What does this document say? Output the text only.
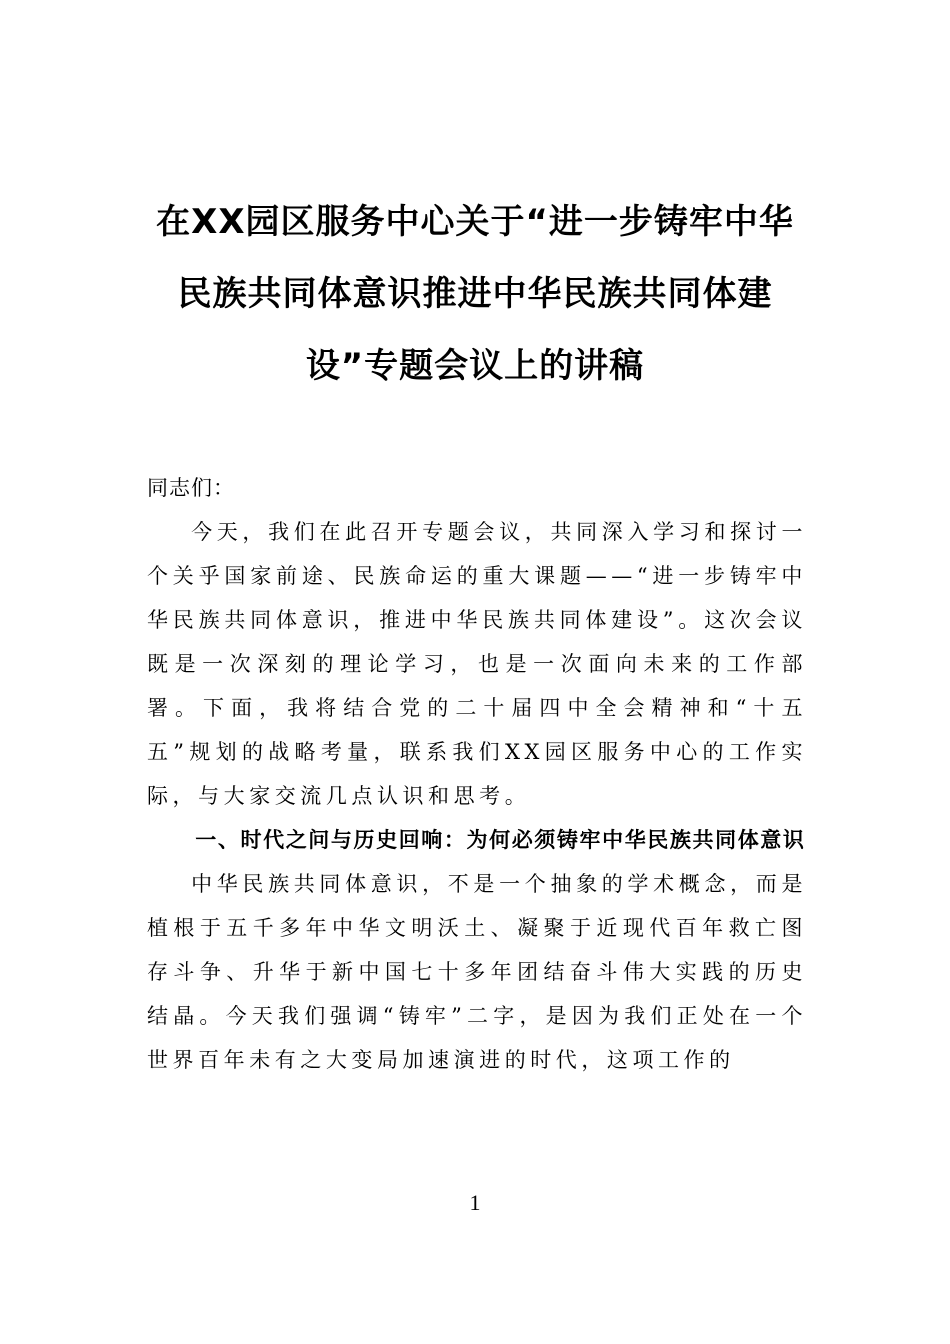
在XX园区服务中心关于“进一步铸牢中华
民族共同体意识推进中华民族共同体建
设”专题会议上的讲稿

同志们：

今天，我们在此召开专题会议，共同深入学习和探讨一个关乎国家前途、民族命运的重大课题——“进一步铸牢中华民族共同体意识，推进中华民族共同体建设”。这次会议既是一次深刻的理论学习，也是一次面向未来的工作部署。下面，我将结合党的二十届四中全会精神和“十五五”规划的战略考量，联系我们XX园区服务中心的工作实际，与大家交流几点认识和思考。

一、时代之问与历史回响：为何必须铸牢中华民族共同体意识

中华民族共同体意识，不是一个抽象的学术概念，而是植根于五千多年中华文明沃土、凝聚于近现代百年救亡图存斗争、升华于新中国七十多年团结奋斗伟大实践的历史结晶。今天我们强调“铸牢”二字，是因为我们正处在一个世界百年未有之大变局加速演进的时代，这项工作的

1
